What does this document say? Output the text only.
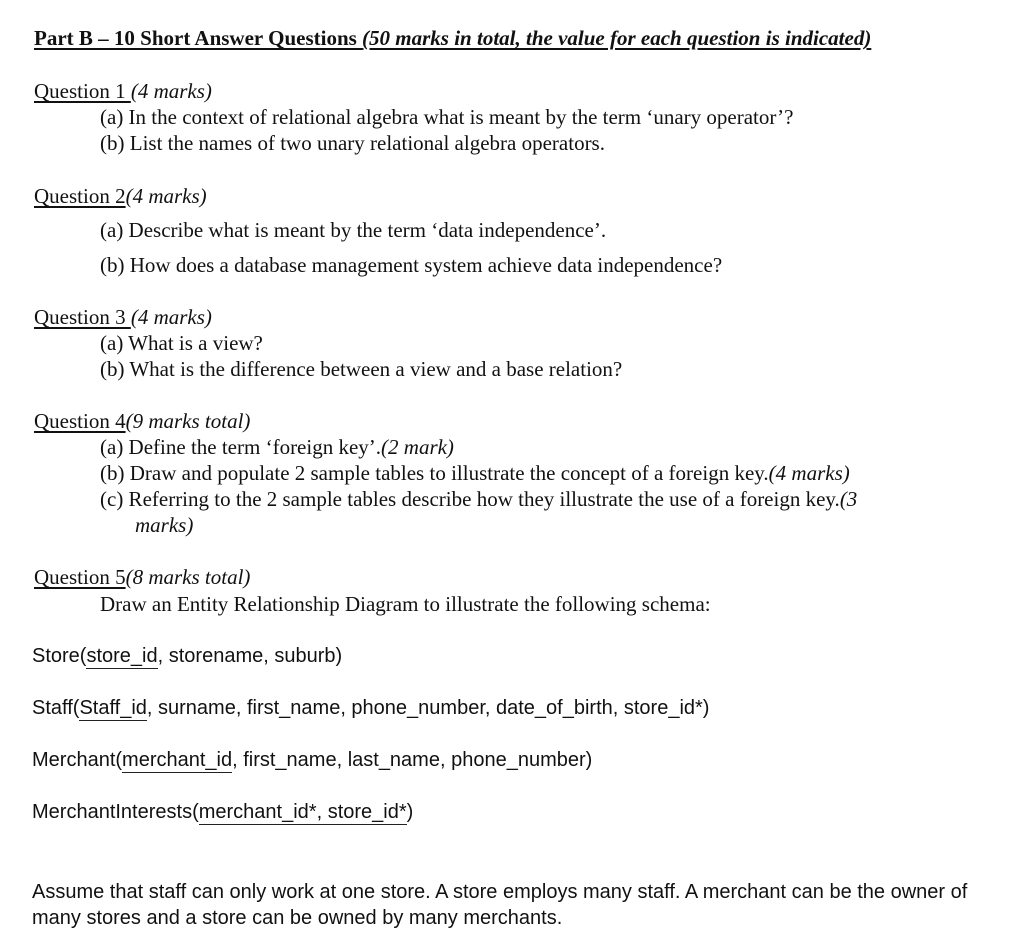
Part B – 10 Short Answer Questions (50 marks in total, the value for each question is indicated)
Question 1 (4 marks)
(a) In the context of relational algebra what is meant by the term ‘unary operator’?
(b) List the names of two unary relational algebra operators.
Question 2(4 marks)
(a) Describe what is meant by the term ‘data independence’.
(b) How does a database management system achieve data independence?
Question 3 (4 marks)
(a) What is a view?
(b) What is the difference between a view and a base relation?
Question 4(9 marks total)
(a) Define the term ‘foreign key’.(2 mark)
(b) Draw and populate 2 sample tables to illustrate the concept of a foreign key.(4 marks)
(c) Referring to the 2 sample tables describe how they illustrate the use of a foreign key.(3
marks)
Question 5(8 marks total)
Draw an Entity Relationship Diagram to illustrate the following schema:
Store(store_id, storename, suburb)
Staff(Staff_id, surname, first_name, phone_number, date_of_birth, store_id*)
Merchant(merchant_id, first_name, last_name, phone_number)
MerchantInterests(merchant_id*, store_id*)
Assume that staff can only work at one store. A store employs many staff. A merchant can be the owner of many stores and a store can be owned by many merchants.
